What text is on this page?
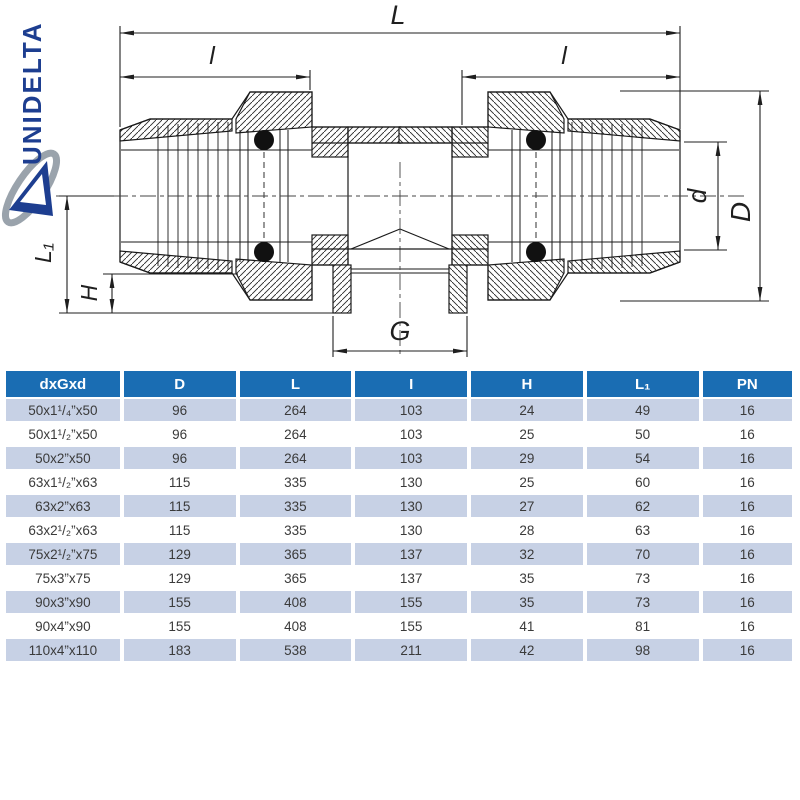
UNIDELTA
L
l	l
L₁
H
d
D
G
dxGxd	D	L	I	H	L₁	PN
50x1¹/₄”x50	96	264	103	24	49	16
50x1¹/₂”x50	96	264	103	25	50	16
50x2”x50	96	264	103	29	54	16
63x1¹/₂”x63	115	335	130	25	60	16
63x2”x63	115	335	130	27	62	16
63x2¹/₂”x63	115	335	130	28	63	16
75x2¹/₂”x75	129	365	137	32	70	16
75x3”x75	129	365	137	35	73	16
90x3”x90	155	408	155	35	73	16
90x4”x90	155	408	155	41	81	16
110x4”x110	183	538	211	42	98	16
